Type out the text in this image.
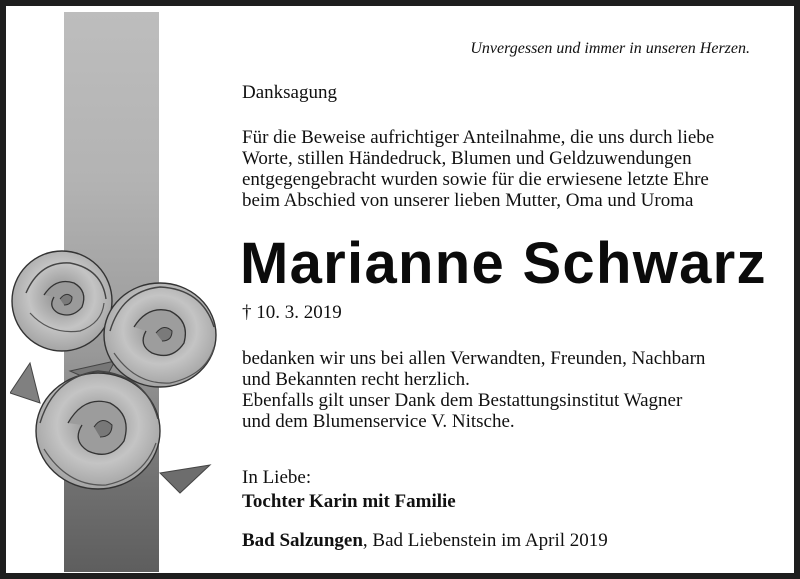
Unvergessen und immer in unseren Herzen.
Danksagung
Für die Beweise aufrichtiger Anteilnahme, die uns durch liebe
Worte, stillen Händedruck, Blumen und Geldzuwendungen
entgegengebracht wurden sowie für die erwiesene letzte Ehre
beim Abschied von unserer lieben Mutter, Oma und Uroma
Marianne Schwarz
† 10. 3. 2019
bedanken wir uns bei allen Verwandten, Freunden, Nachbarn
und Bekannten recht herzlich.
Ebenfalls gilt unser Dank dem Bestattungsinstitut Wagner
und dem Blumenservice V. Nitsche.
In Liebe:
Tochter Karin mit Familie
Bad Salzungen, Bad Liebenstein im April 2019
